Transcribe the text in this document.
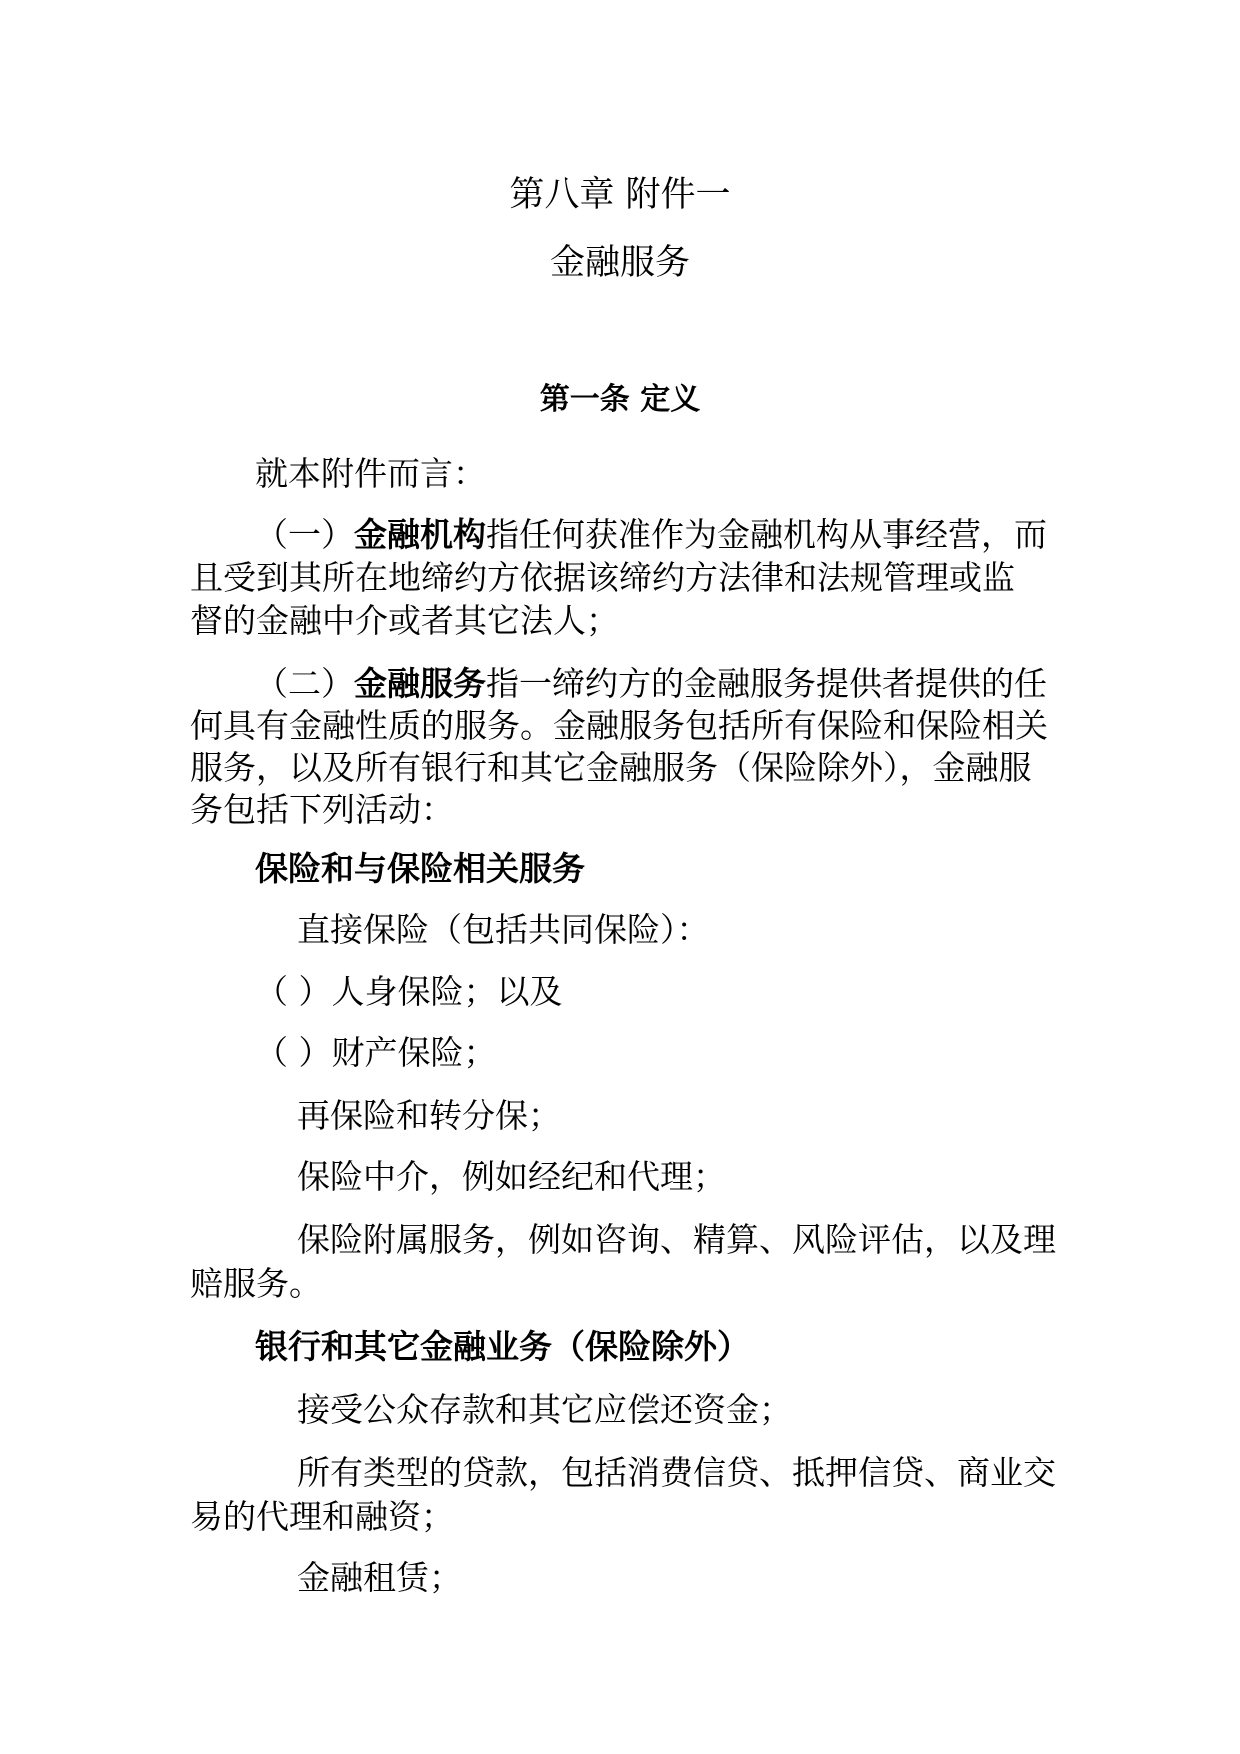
第八章 附件一
金融服务
第一条 定义
就本附件而言：
（一）金融机构指任何获准作为金融机构从事经营，而
且受到其所在地缔约方依据该缔约方法律和法规管理或监
督的金融中介或者其它法人；
（二）金融服务指一缔约方的金融服务提供者提供的任
何具有金融性质的服务。金融服务包括所有保险和保险相关
服务，以及所有银行和其它金融服务（保险除外），金融服
务包括下列活动：
保险和与保险相关服务
直接保险（包括共同保险）：
（ ）人身保险；以及
（ ）财产保险；
再保险和转分保；
保险中介，例如经纪和代理；
保险附属服务，例如咨询、精算、风险评估，以及理
赔服务。
银行和其它金融业务（保险除外）
接受公众存款和其它应偿还资金；
所有类型的贷款，包括消费信贷、抵押信贷、商业交
易的代理和融资；
金融租赁；
